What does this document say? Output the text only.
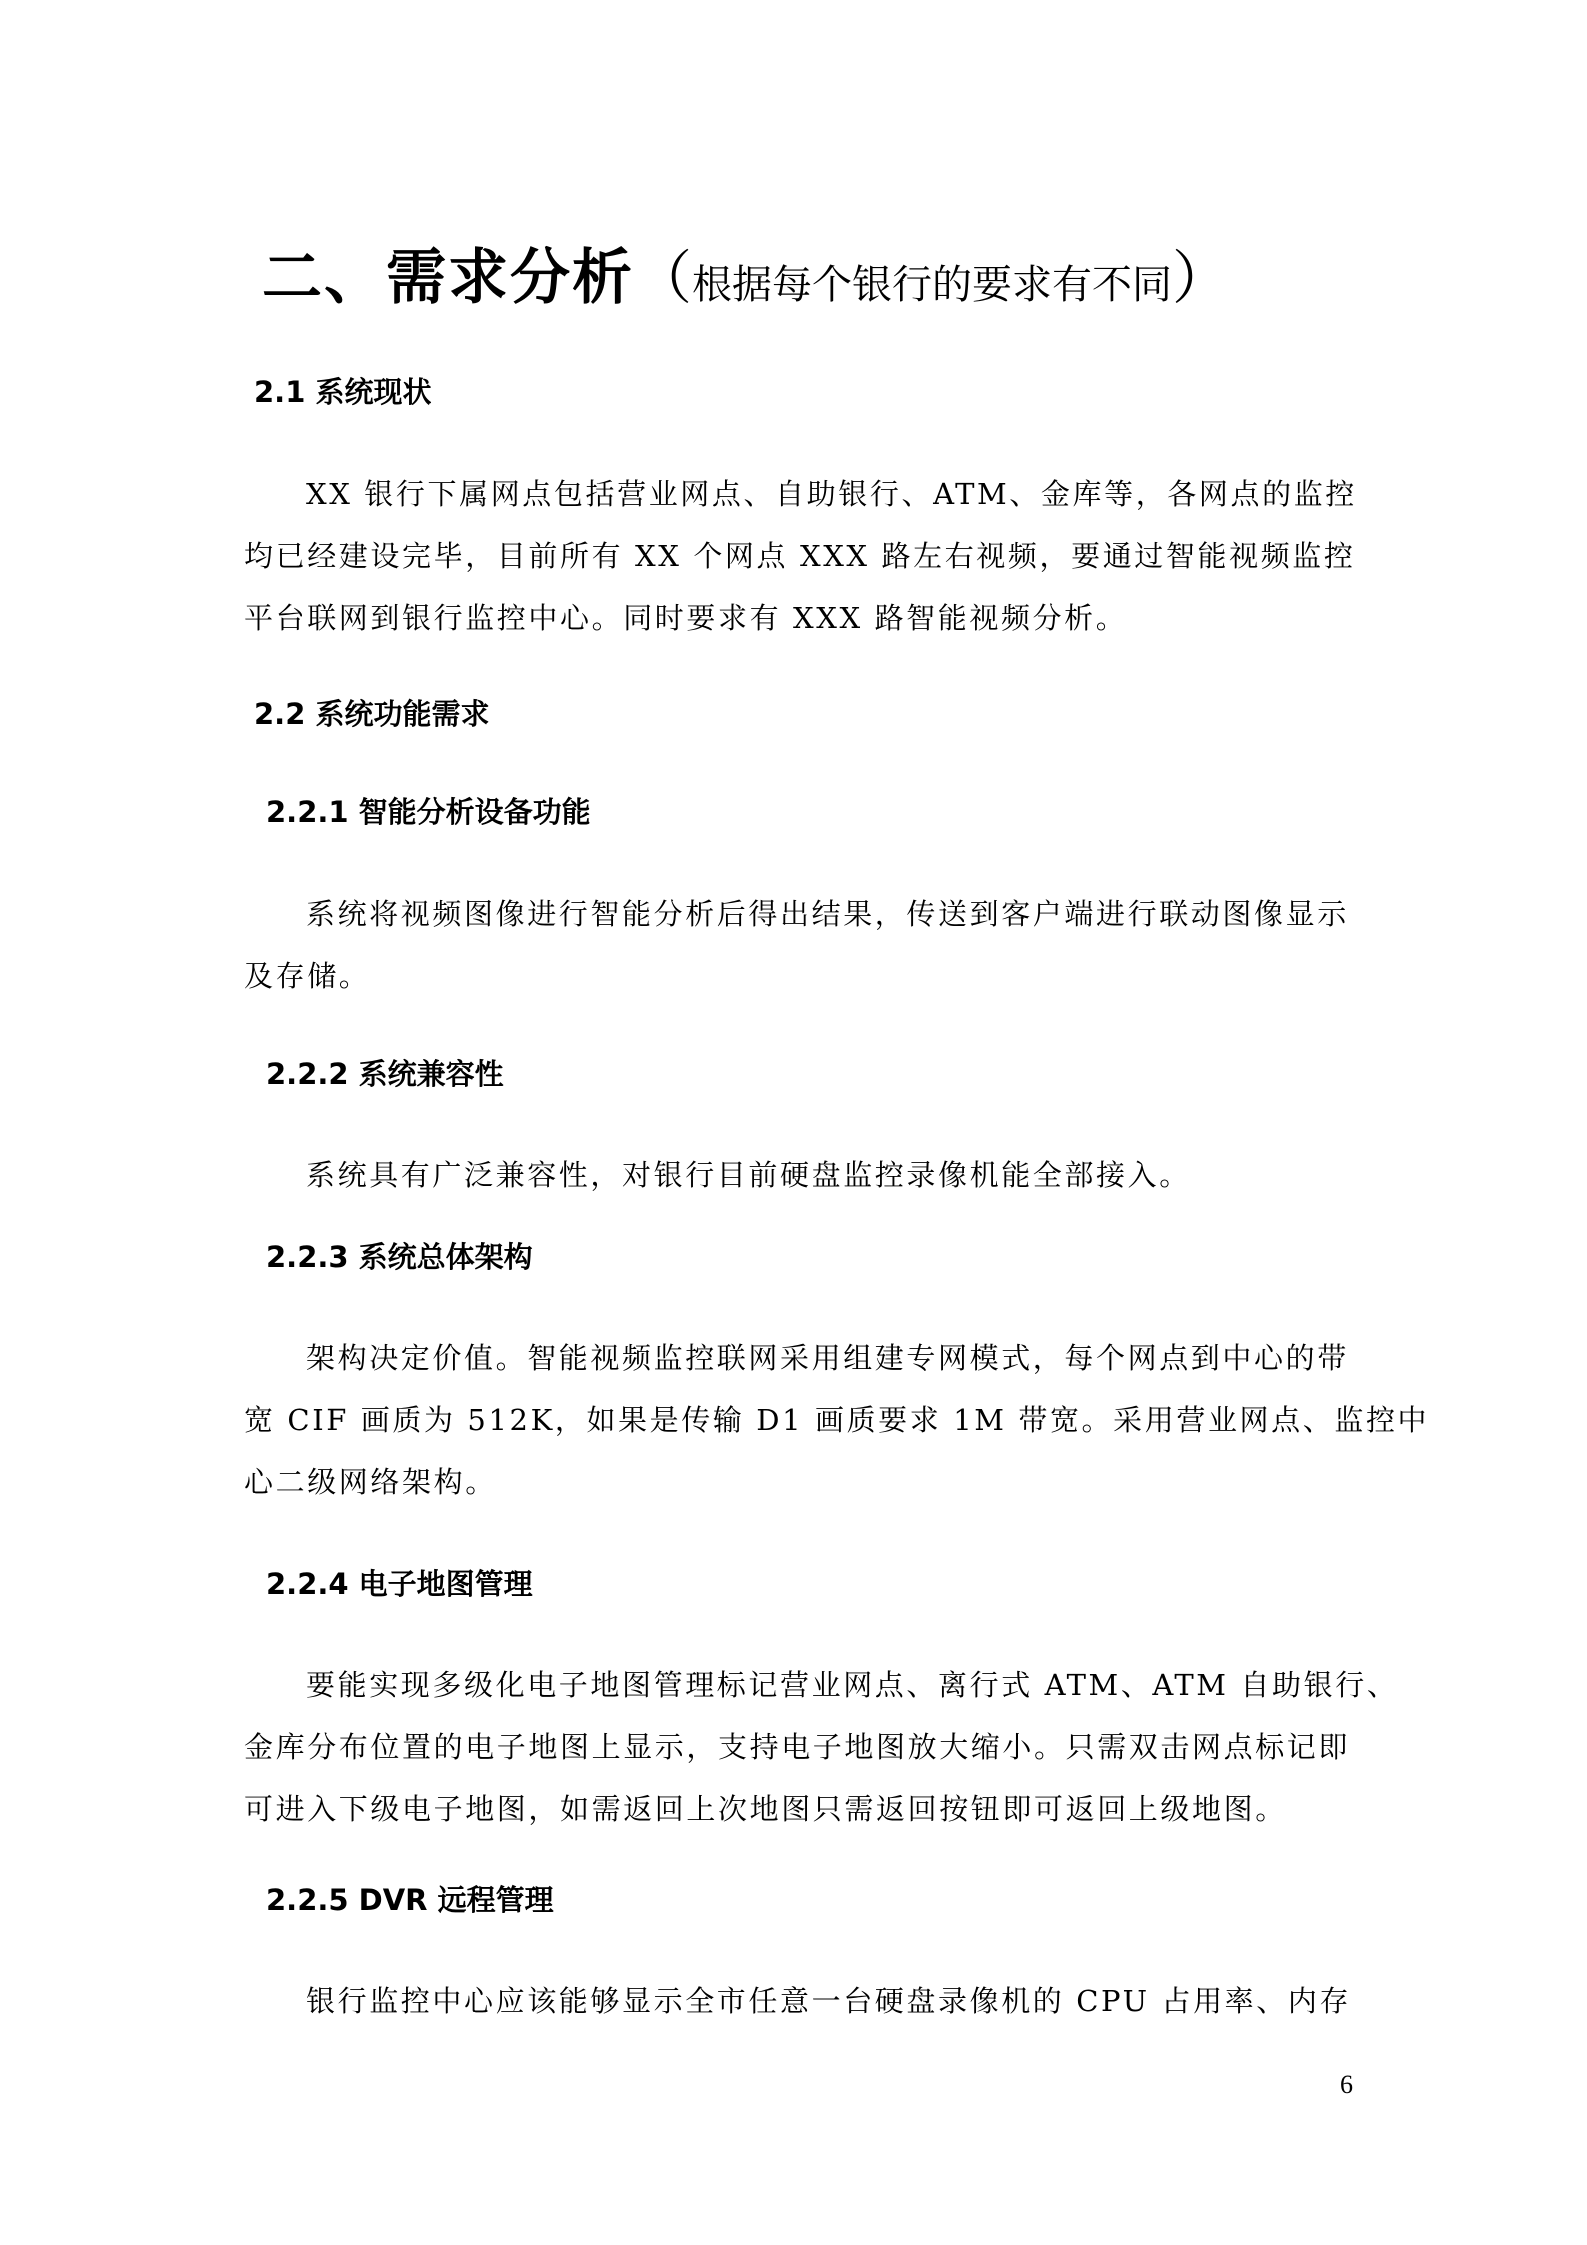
二、需求分析（根据每个银行的要求有不同）
2.1 系统现状
XX 银行下属网点包括营业网点、自助银行、ATM、金库等，各网点的监控
均已经建设完毕，目前所有 XX 个网点 XXX 路左右视频，要通过智能视频监控
平台联网到银行监控中心。同时要求有 XXX 路智能视频分析。
2.2 系统功能需求
2.2.1 智能分析设备功能
系统将视频图像进行智能分析后得出结果，传送到客户端进行联动图像显示
及存储。
2.2.2 系统兼容性
系统具有广泛兼容性，对银行目前硬盘监控录像机能全部接入。
2.2.3 系统总体架构
架构决定价值。智能视频监控联网采用组建专网模式，每个网点到中心的带
宽 CIF 画质为 512K，如果是传输 D1 画质要求 1M 带宽。采用营业网点、监控中
心二级网络架构。
2.2.4 电子地图管理
要能实现多级化电子地图管理标记营业网点、离行式 ATM、ATM 自助银行、
金库分布位置的电子地图上显示，支持电子地图放大缩小。只需双击网点标记即
可进入下级电子地图，如需返回上次地图只需返回按钮即可返回上级地图。
2.2.5 DVR 远程管理
银行监控中心应该能够显示全市任意一台硬盘录像机的 CPU 占用率、内存
6
